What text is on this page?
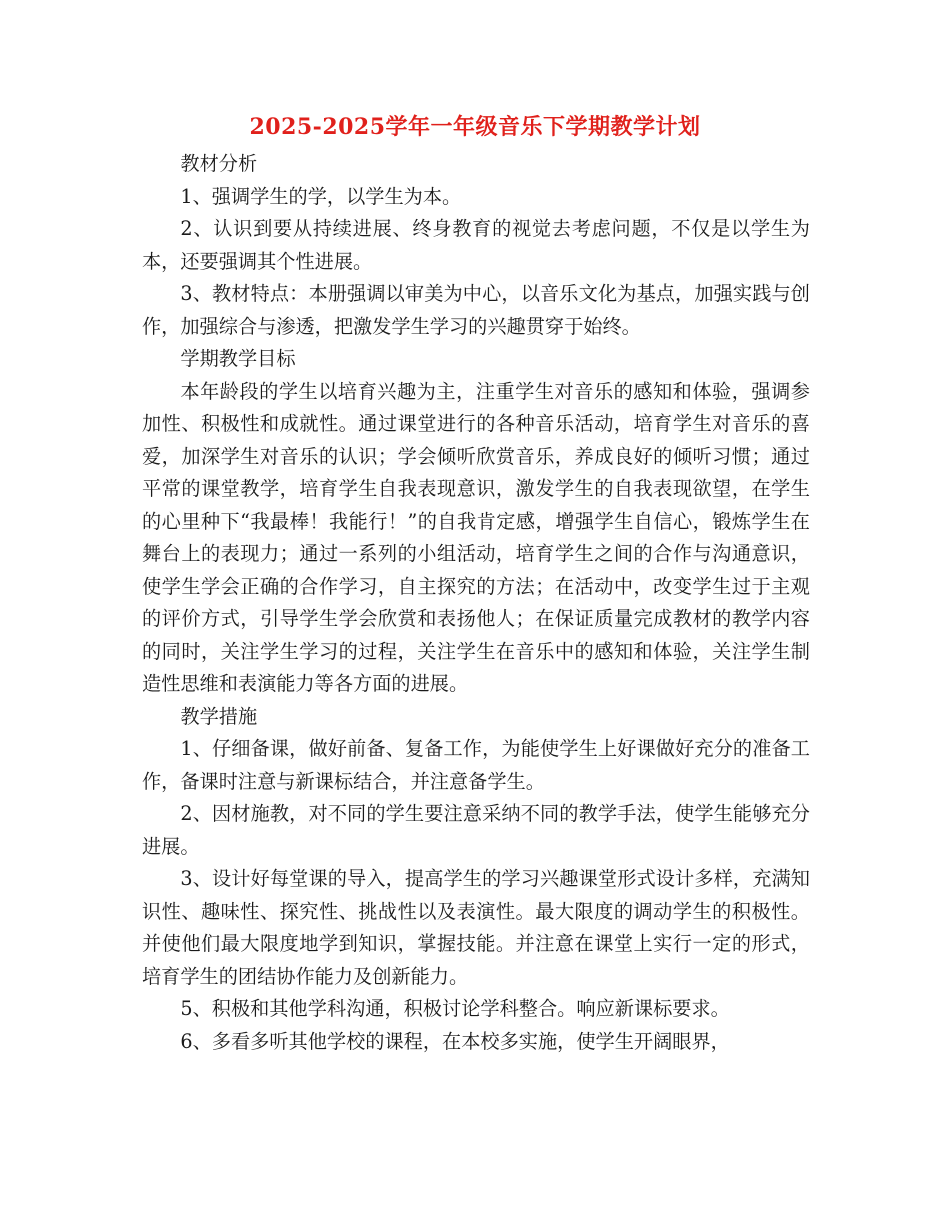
2025-2025学年一年级音乐下学期教学计划

教材分析

1、强调学生的学，以学生为本。

2、认识到要从持续进展、终身教育的视觉去考虑问题，不仅是以学生为本，还要强调其个性进展。

3、教材特点：本册强调以审美为中心，以音乐文化为基点，加强实践与创作，加强综合与渗透，把激发学生学习的兴趣贯穿于始终。

学期教学目标

本年龄段的学生以培育兴趣为主，注重学生对音乐的感知和体验，强调参加性、积极性和成就性。通过课堂进行的各种音乐活动，培育学生对音乐的喜爱，加深学生对音乐的认识；学会倾听欣赏音乐，养成良好的倾听习惯；通过平常的课堂教学，培育学生自我表现意识，激发学生的自我表现欲望，在学生的心里种下“我最棒！我能行！”的自我肯定感，增强学生自信心，锻炼学生在舞台上的表现力；通过一系列的小组活动，培育学生之间的合作与沟通意识，使学生学会正确的合作学习，自主探究的方法；在活动中，改变学生过于主观的评价方式，引导学生学会欣赏和表扬他人；在保证质量完成教材的教学内容的同时，关注学生学习的过程，关注学生在音乐中的感知和体验，关注学生制造性思维和表演能力等各方面的进展。

教学措施

1、仔细备课，做好前备、复备工作，为能使学生上好课做好充分的准备工作，备课时注意与新课标结合，并注意备学生。

2、因材施教，对不同的学生要注意采纳不同的教学手法，使学生能够充分进展。

3、设计好每堂课的导入，提高学生的学习兴趣课堂形式设计多样，充满知识性、趣味性、探究性、挑战性以及表演性。最大限度的调动学生的积极性。并使他们最大限度地学到知识，掌握技能。并注意在课堂上实行一定的形式，培育学生的团结协作能力及创新能力。

5、积极和其他学科沟通，积极讨论学科整合。响应新课标要求。

6、多看多听其他学校的课程，在本校多实施，使学生开阔眼界，
